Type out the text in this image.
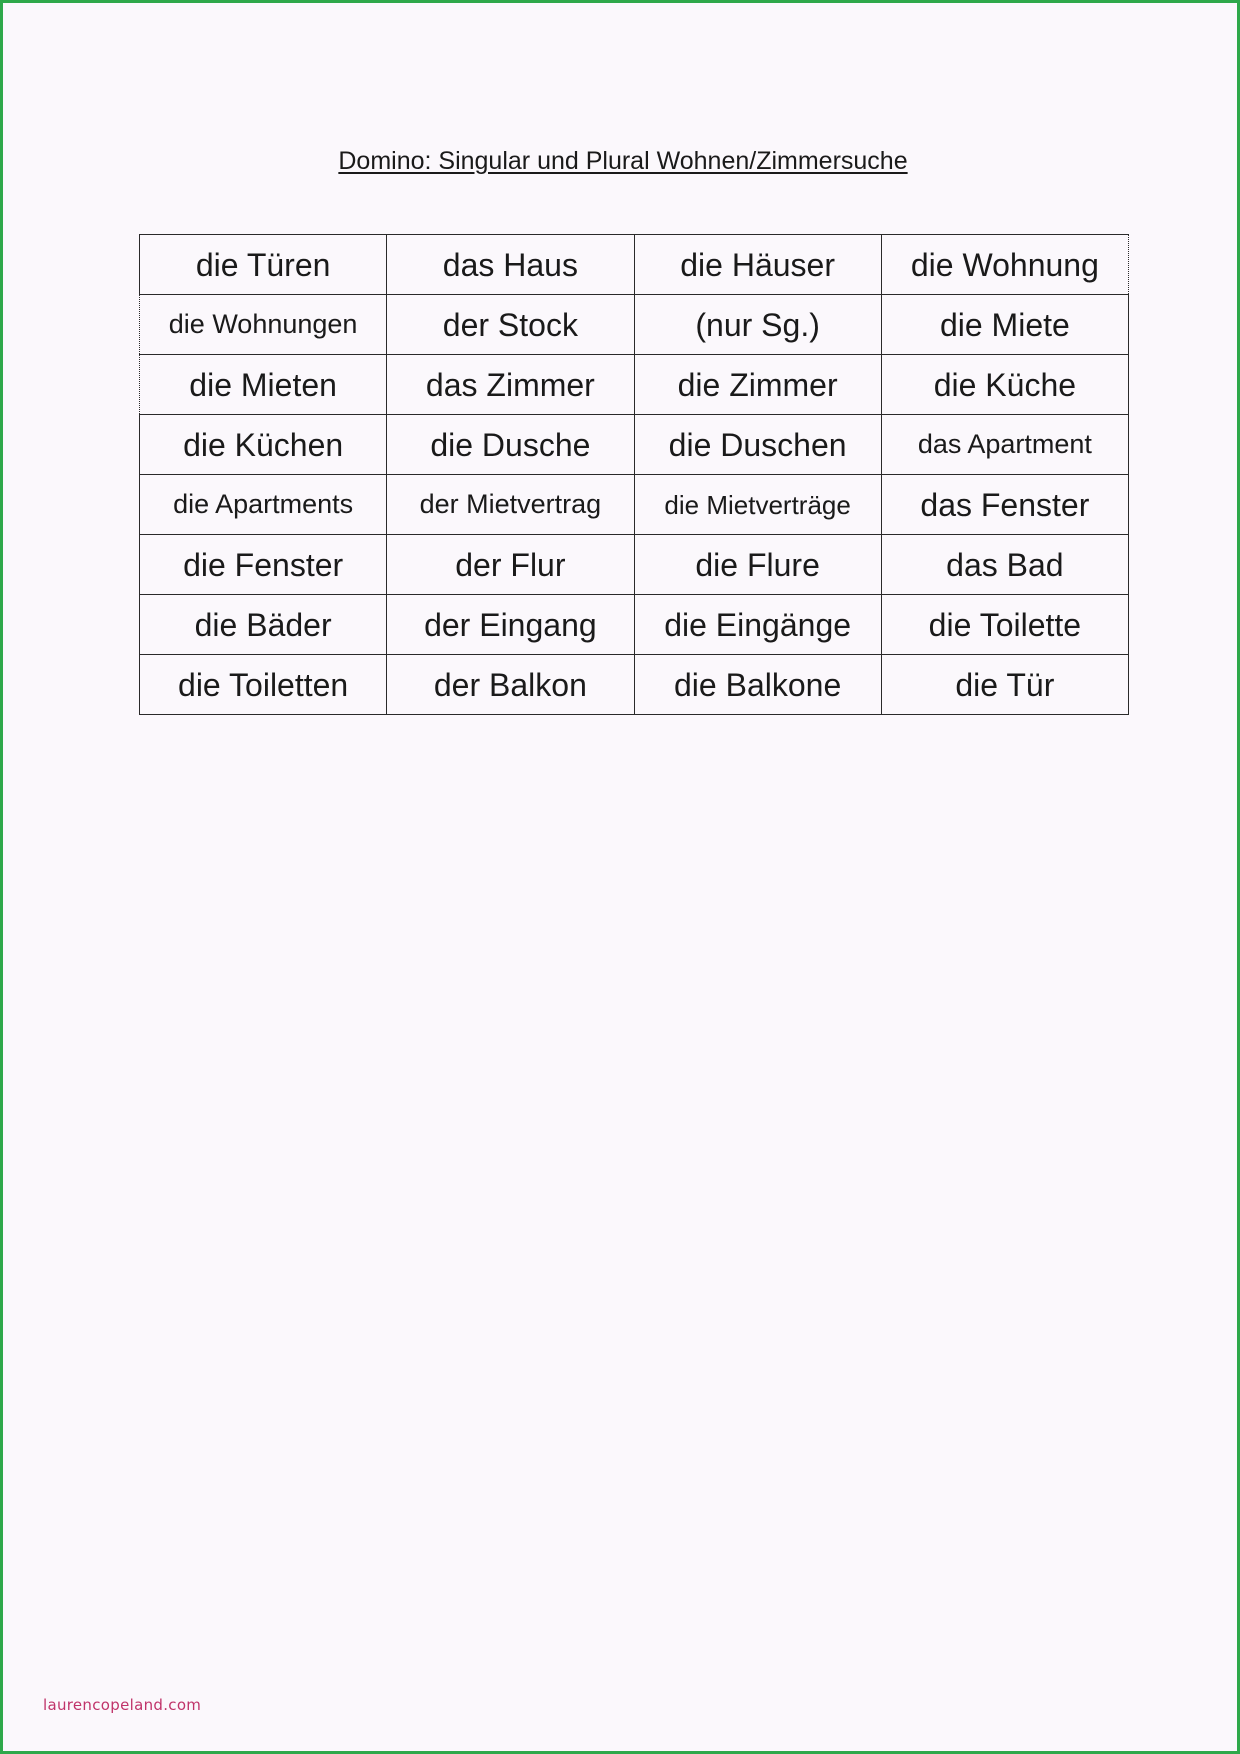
Domino: Singular und Plural Wohnen/Zimmersuche
die Türen	das Haus	die Häuser	die Wohnung
die Wohnungen	der Stock	(nur Sg.)	die Miete
die Mieten	das Zimmer	die Zimmer	die Küche
die Küchen	die Dusche	die Duschen	das Apartment
die Apartments	der Mietvertrag	die Mietverträge	das Fenster
die Fenster	der Flur	die Flure	das Bad
die Bäder	der Eingang	die Eingänge	die Toilette
die Toiletten	der Balkon	die Balkone	die Tür
laurencopeland.com
